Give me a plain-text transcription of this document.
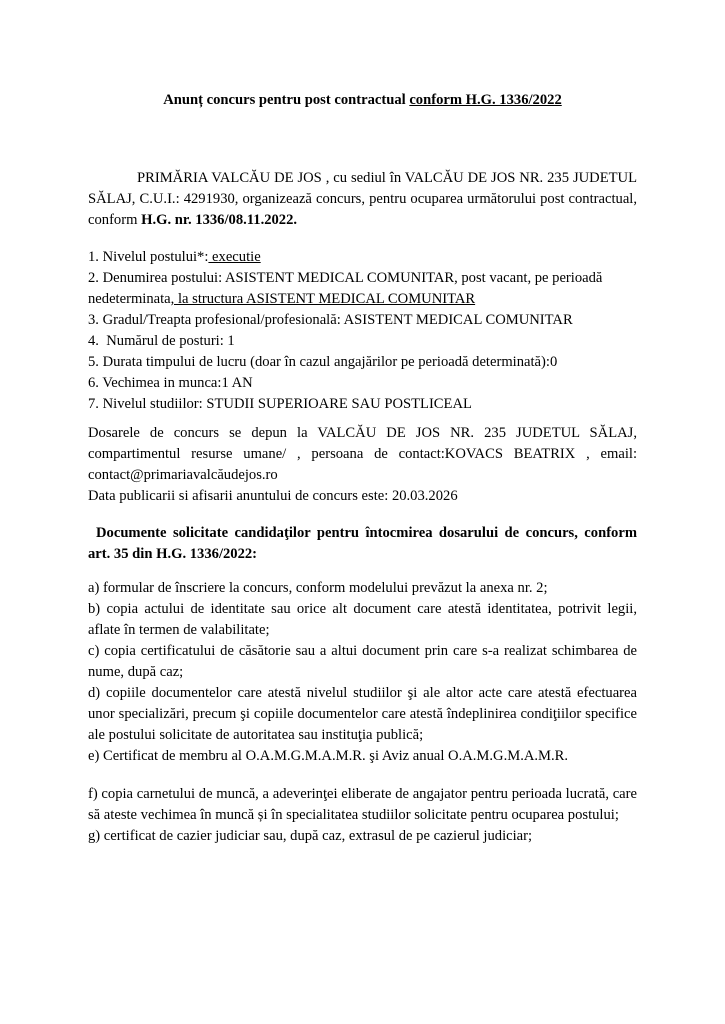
Anunț concurs pentru post contractual conform H.G. 1336/2022

PRIMĂRIA VALCĂU DE JOS , cu sediul în VALCĂU DE JOS NR. 235 JUDETUL SĂLAJ, C.U.I.: 4291930, organizează concurs, pentru ocuparea următorului post contractual, conform H.G. nr. 1336/08.11.2022.

1. Nivelul postului*: executie

2. Denumirea postului: ASISTENT MEDICAL COMUNITAR, post vacant, pe perioadă nedeterminata, la structura ASISTENT MEDICAL COMUNITAR

3. Gradul/Treapta profesional/profesională: ASISTENT MEDICAL COMUNITAR

4.  Numărul de posturi: 1

5. Durata timpului de lucru (doar în cazul angajărilor pe perioadă determinată):0

6. Vechimea in munca:1 AN

7. Nivelul studiilor: STUDII SUPERIOARE SAU POSTLICEAL

Dosarele de concurs se depun la VALCĂU DE JOS NR. 235 JUDETUL SĂLAJ, compartimentul resurse umane/ , persoana de contact:KOVACS BEATRIX , email: contact@primariavalcăudejos.ro

Data publicarii si afisarii anuntului de concurs este: 20.03.2026

Documente solicitate candidaţilor pentru întocmirea dosarului de concurs, conform art. 35 din H.G. 1336/2022:

a) formular de înscriere la concurs, conform modelului prevăzut la anexa nr. 2;

b) copia actului de identitate sau orice alt document care atestă identitatea, potrivit legii, aflate în termen de valabilitate;

c) copia certificatului de căsătorie sau a altui document prin care s-a realizat schimbarea de nume, după caz;

d) copiile documentelor care atestă nivelul studiilor şi ale altor acte care atestă efectuarea unor specializări, precum şi copiile documentelor care atestă îndeplinirea condiţiilor specifice ale postului solicitate de autoritatea sau instituţia publică;

e) Certificat de membru al O.A.M.G.M.A.M.R. şi Aviz anual O.A.M.G.M.A.M.R.

f) copia carnetului de muncă, a adeverinţei eliberate de angajator pentru perioada lucrată, care să ateste vechimea în muncă și în specialitatea studiilor solicitate pentru ocuparea postului;

g) certificat de cazier judiciar sau, după caz, extrasul de pe cazierul judiciar;
